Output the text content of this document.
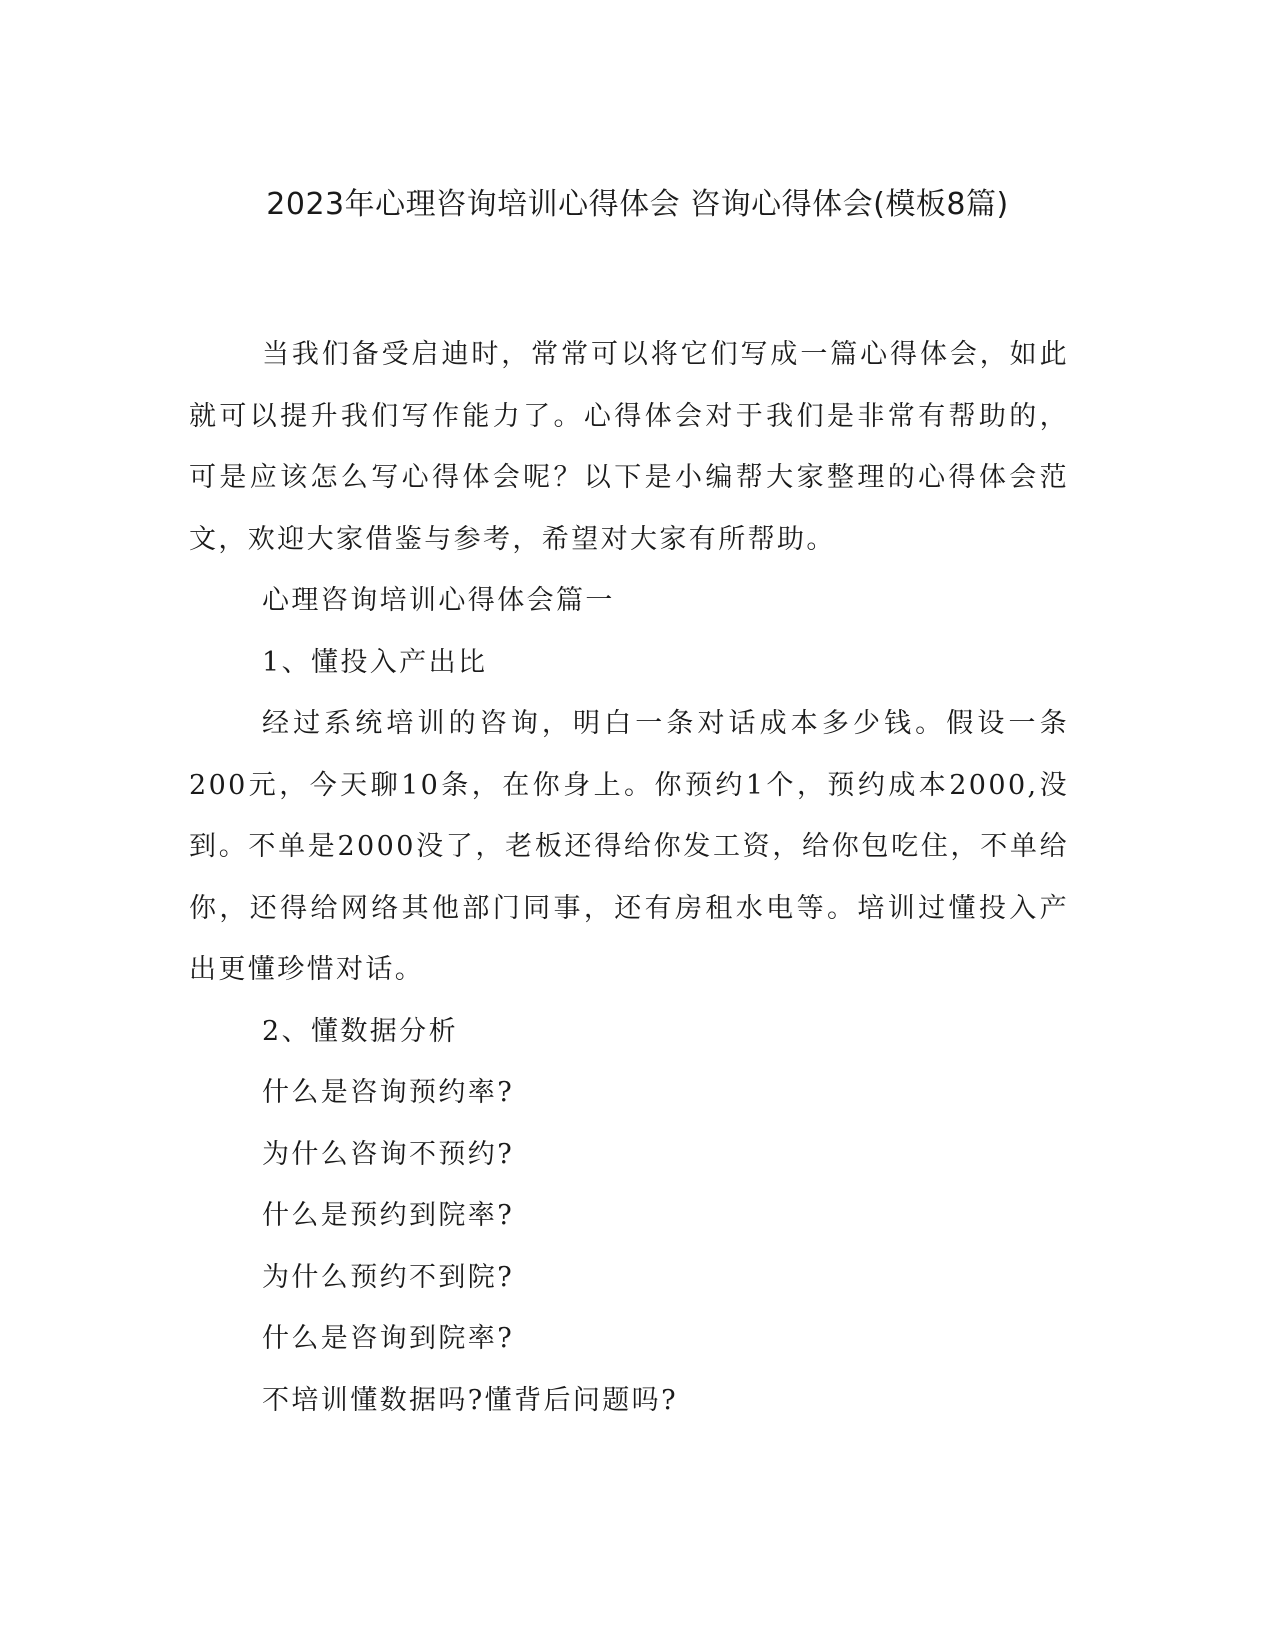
2023年心理咨询培训心得体会 咨询心得体会(模板8篇)

当我们备受启迪时，常常可以将它们写成一篇心得体会，如此就可以提升我们写作能力了。心得体会对于我们是非常有帮助的，可是应该怎么写心得体会呢？以下是小编帮大家整理的心得体会范文，欢迎大家借鉴与参考，希望对大家有所帮助。

心理咨询培训心得体会篇一

1、懂投入产出比

经过系统培训的咨询，明白一条对话成本多少钱。假设一条200元，今天聊10条，在你身上。你预约1个，预约成本2000,没到。不单是2000没了，老板还得给你发工资，给你包吃住，不单给你，还得给网络其他部门同事，还有房租水电等。培训过懂投入产出更懂珍惜对话。

2、懂数据分析

什么是咨询预约率?

为什么咨询不预约?

什么是预约到院率?

为什么预约不到院?

什么是咨询到院率?

不培训懂数据吗?懂背后问题吗?
